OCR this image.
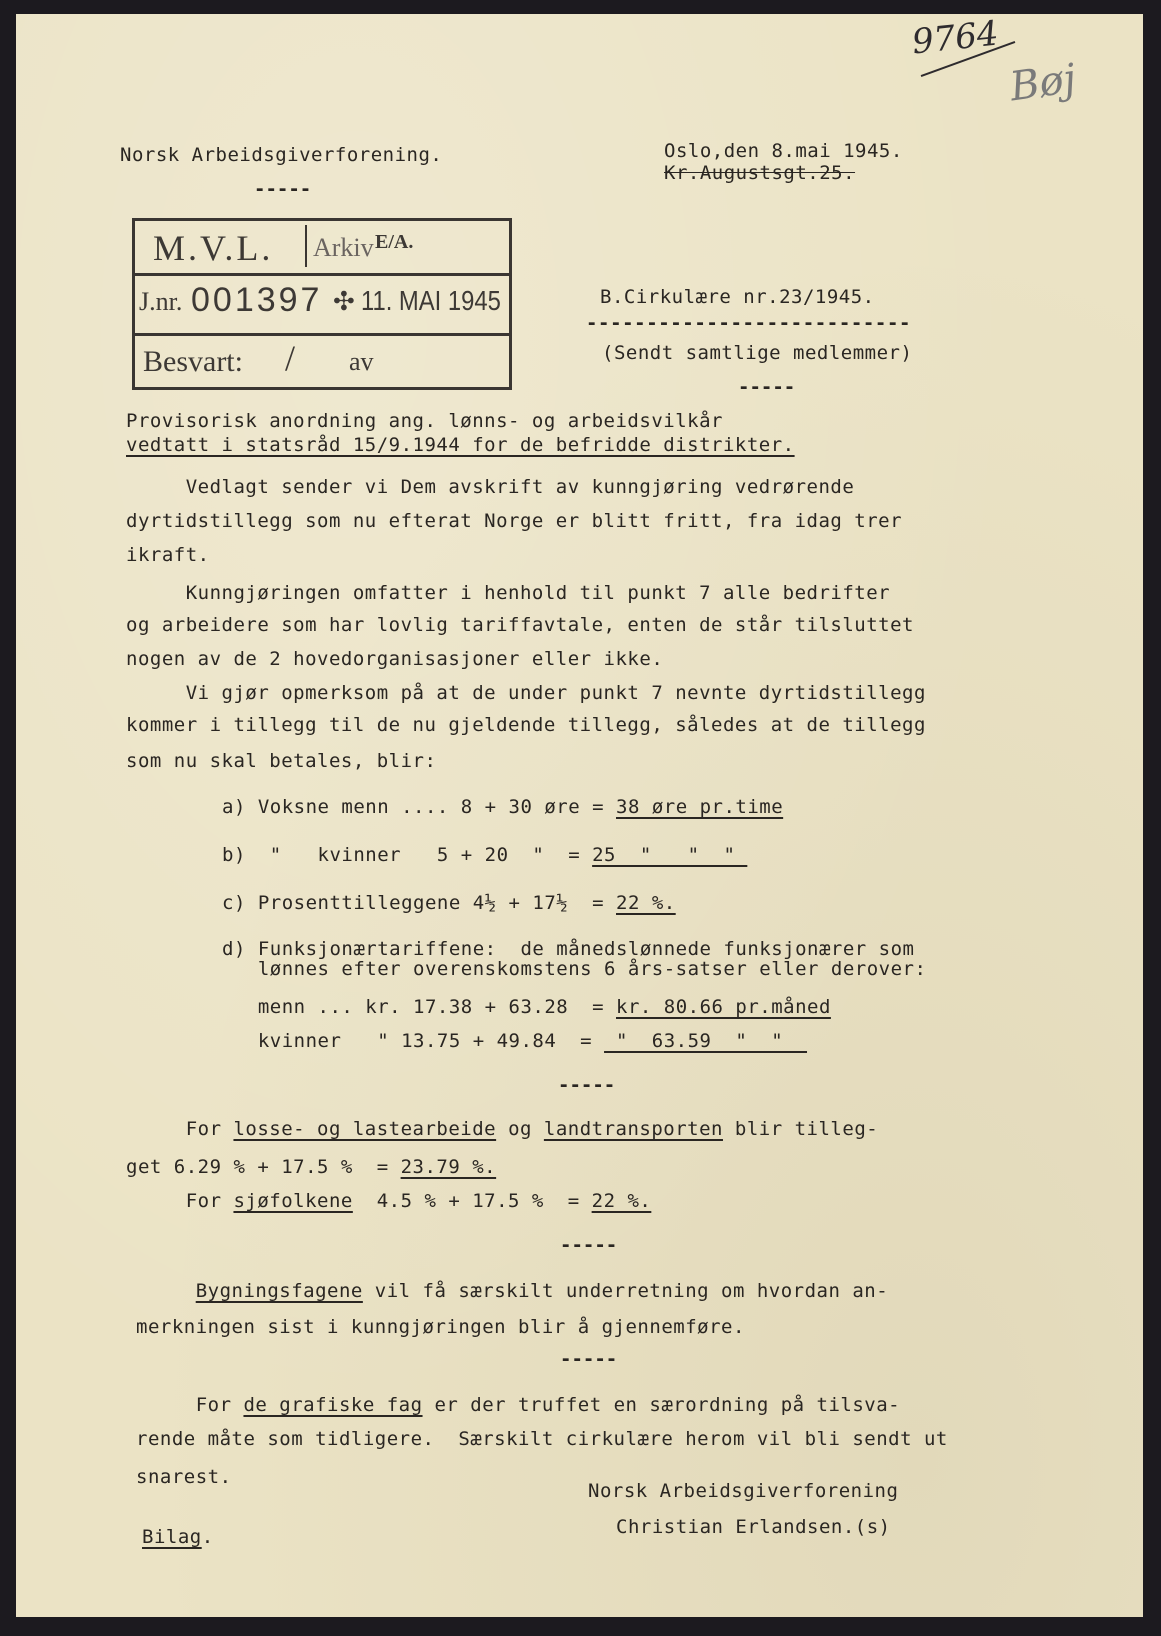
9764
Bøj
Norsk Arbeidsgiverforening.
-----
Oslo,den 8.mai 1945.
Kr.Augustsgt.25.
M.V.L. Arkiv E/A.
J.nr. 001397 ✣ 11. MAI 1945
Besvart: / av
B.Cirkulære nr.23/1945.
---------------------------
(Sendt samtlige medlemmer)
-----
Provisorisk anordning ang. lønns- og arbeidsvilkår
vedtatt i statsråd 15/9.1944 for de befridde distrikter.
Vedlagt sender vi Dem avskrift av kunngjøring vedrørende
dyrtidstillegg som nu efterat Norge er blitt fritt, fra idag trer
ikraft.
Kunngjøringen omfatter i henhold til punkt 7 alle bedrifter
og arbeidere som har lovlig tariffavtale, enten de står tilsluttet
nogen av de 2 hovedorganisasjoner eller ikke.
Vi gjør opmerksom på at de under punkt 7 nevnte dyrtidstillegg
kommer i tillegg til de nu gjeldende tillegg, således at de tillegg
som nu skal betales, blir:
a) Voksne menn .... 8 + 30 øre = 38 øre pr.time
b)  "   kvinner   5 + 20  "  = 25  "   "  "
c) Prosenttilleggene 4½ + 17½  = 22 %.
d) Funksjonærtariffene:  de månedslønnede funksjonærer som
lønnes efter overenskomstens 6 års-satser eller derover:
menn ... kr. 17.38 + 63.28  = kr. 80.66 pr.måned
kvinner   " 13.75 + 49.84  =  "  63.59  "  "
-----
For losse- og lastearbeide og landtransporten blir tilleg-
get 6.29 % + 17.5 %  = 23.79 %.
For sjøfolkene  4.5 % + 17.5 %  = 22 %.
-----
Bygningsfagene vil få særskilt underretning om hvordan an-
merkningen sist i kunngjøringen blir å gjennemføre.
-----
For de grafiske fag er der truffet en særordning på tilsva-
rende måte som tidligere.  Særskilt cirkulære herom vil bli sendt ut
snarest.
Norsk Arbeidsgiverforening
Christian Erlandsen.(s)
Bilag.
